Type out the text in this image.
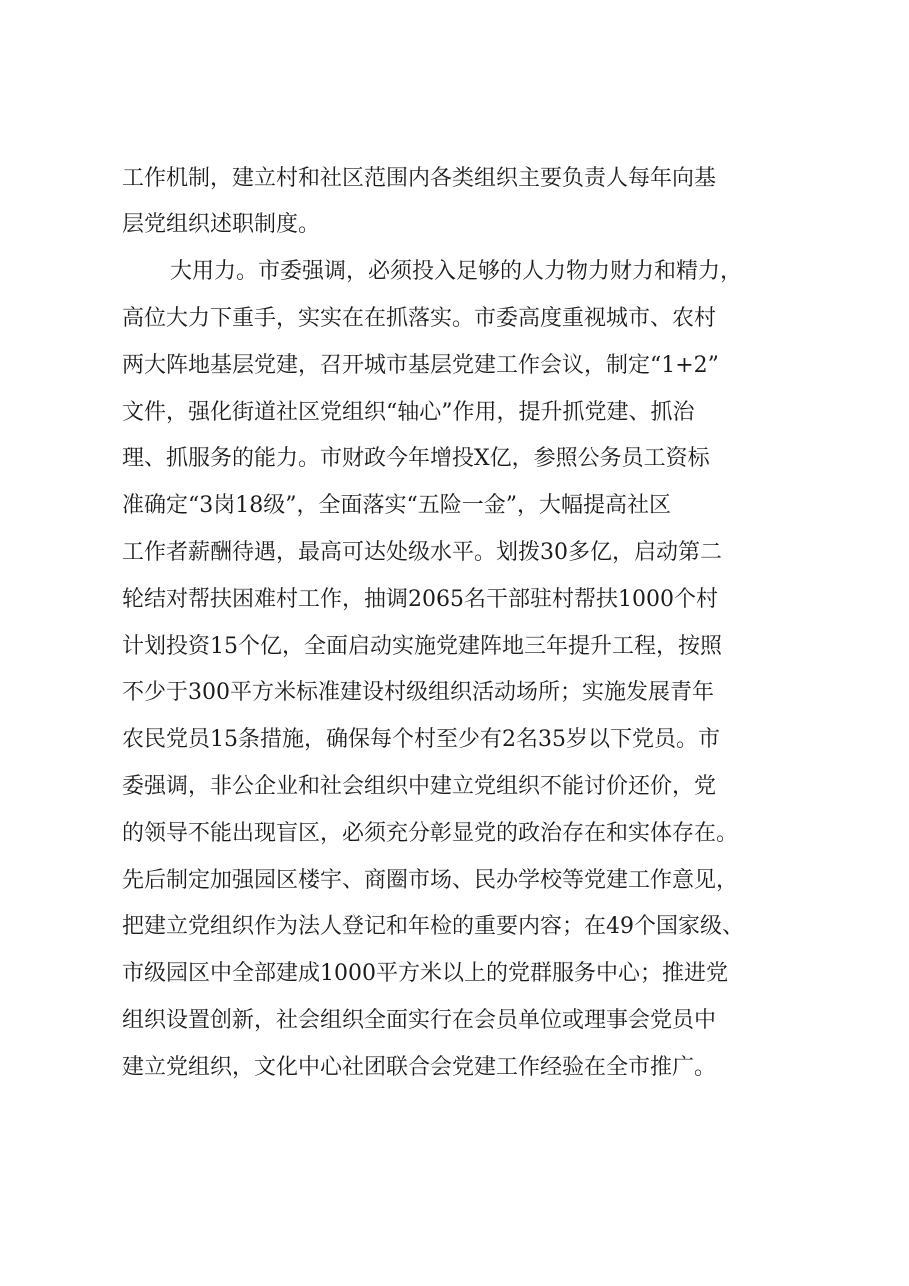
工作机制，建立村和社区范围内各类组织主要负责人每年向基
层党组织述职制度。
大用力。市委强调，必须投入足够的人力物力财力和精力，
高位大力下重手，实实在在抓落实。市委高度重视城市、农村
两大阵地基层党建，召开城市基层党建工作会议，制定“1+2”
文件，强化街道社区党组织“轴心”作用，提升抓党建、抓治
理、抓服务的能力。市财政今年增投X亿，参照公务员工资标
准确定“3岗18级”，全面落实“五险一金”，大幅提高社区
工作者薪酬待遇，最高可达处级水平。划拨30多亿，启动第二
轮结对帮扶困难村工作，抽调2065名干部驻村帮扶1000个村
计划投资15个亿，全面启动实施党建阵地三年提升工程，按照
不少于300平方米标准建设村级组织活动场所；实施发展青年
农民党员15条措施，确保每个村至少有2名35岁以下党员。市
委强调，非公企业和社会组织中建立党组织不能讨价还价，党
的领导不能出现盲区，必须充分彰显党的政治存在和实体存在。
先后制定加强园区楼宇、商圈市场、民办学校等党建工作意见，
把建立党组织作为法人登记和年检的重要内容；在49个国家级、
市级园区中全部建成1000平方米以上的党群服务中心；推进党
组织设置创新，社会组织全面实行在会员单位或理事会党员中
建立党组织，文化中心社团联合会党建工作经验在全市推广。
